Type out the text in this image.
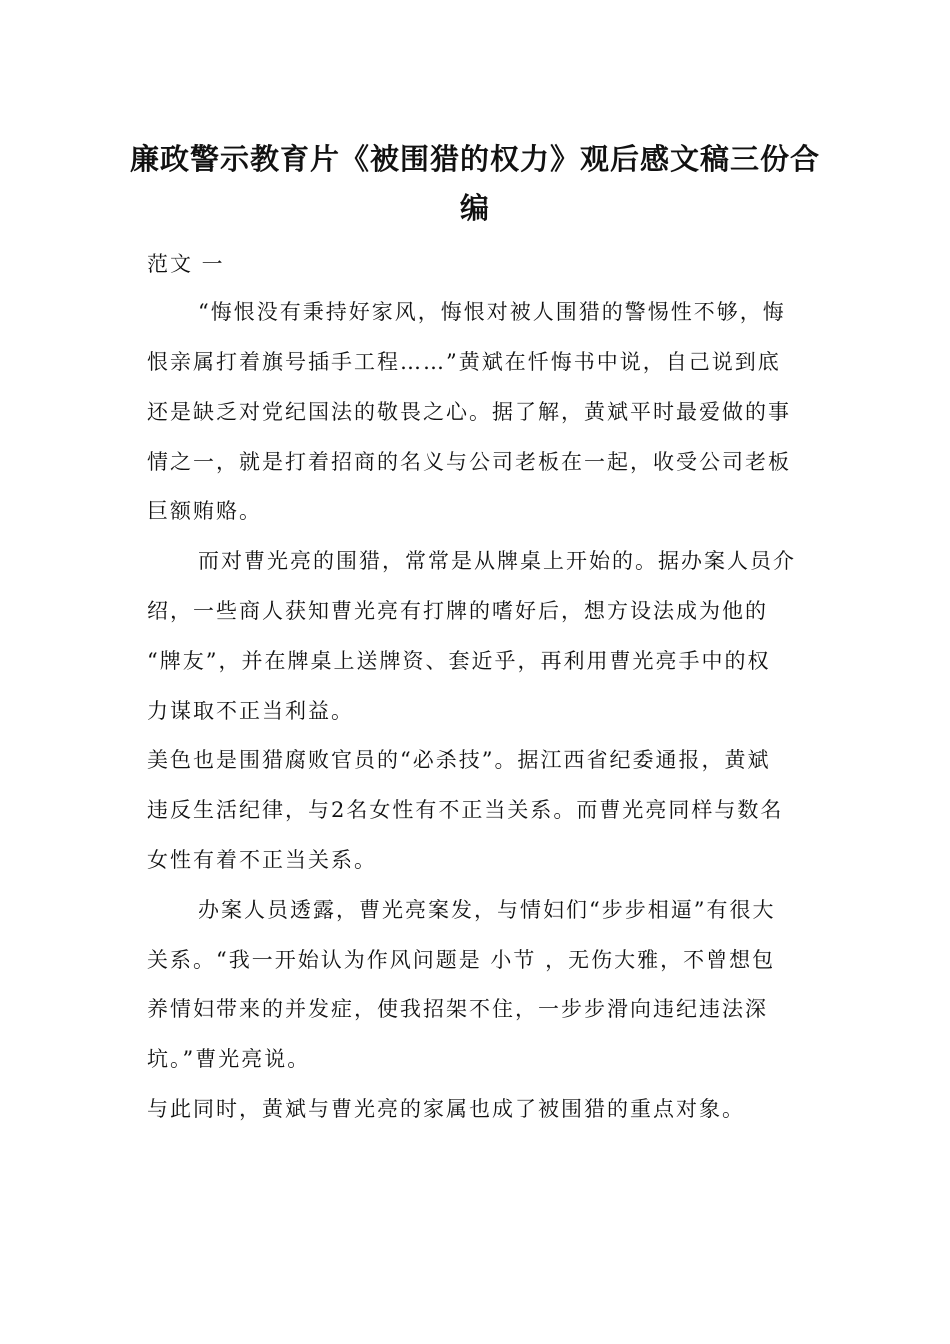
廉政警示教育片《被围猎的权力》观后感文稿三份合
编
范文 一
“悔恨没有秉持好家风，悔恨对被人围猎的警惕性不够，悔
恨亲属打着旗号插手工程……”黄斌在忏悔书中说，自己说到底
还是缺乏对党纪国法的敬畏之心。据了解，黄斌平时最爱做的事
情之一，就是打着招商的名义与公司老板在一起，收受公司老板
巨额贿赂。
而对曹光亮的围猎，常常是从牌桌上开始的。据办案人员介
绍，一些商人获知曹光亮有打牌的嗜好后，想方设法成为他的
“牌友”，并在牌桌上送牌资、套近乎，再利用曹光亮手中的权
力谋取不正当利益。
美色也是围猎腐败官员的“必杀技”。据江西省纪委通报，黄斌
违反生活纪律，与2名女性有不正当关系。而曹光亮同样与数名
女性有着不正当关系。
办案人员透露，曹光亮案发，与情妇们“步步相逼”有很大
关系。“我一开始认为作风问题是 小节 ，无伤大雅，不曾想包
养情妇带来的并发症，使我招架不住，一步步滑向违纪违法深
坑。”曹光亮说。
与此同时，黄斌与曹光亮的家属也成了被围猎的重点对象。
